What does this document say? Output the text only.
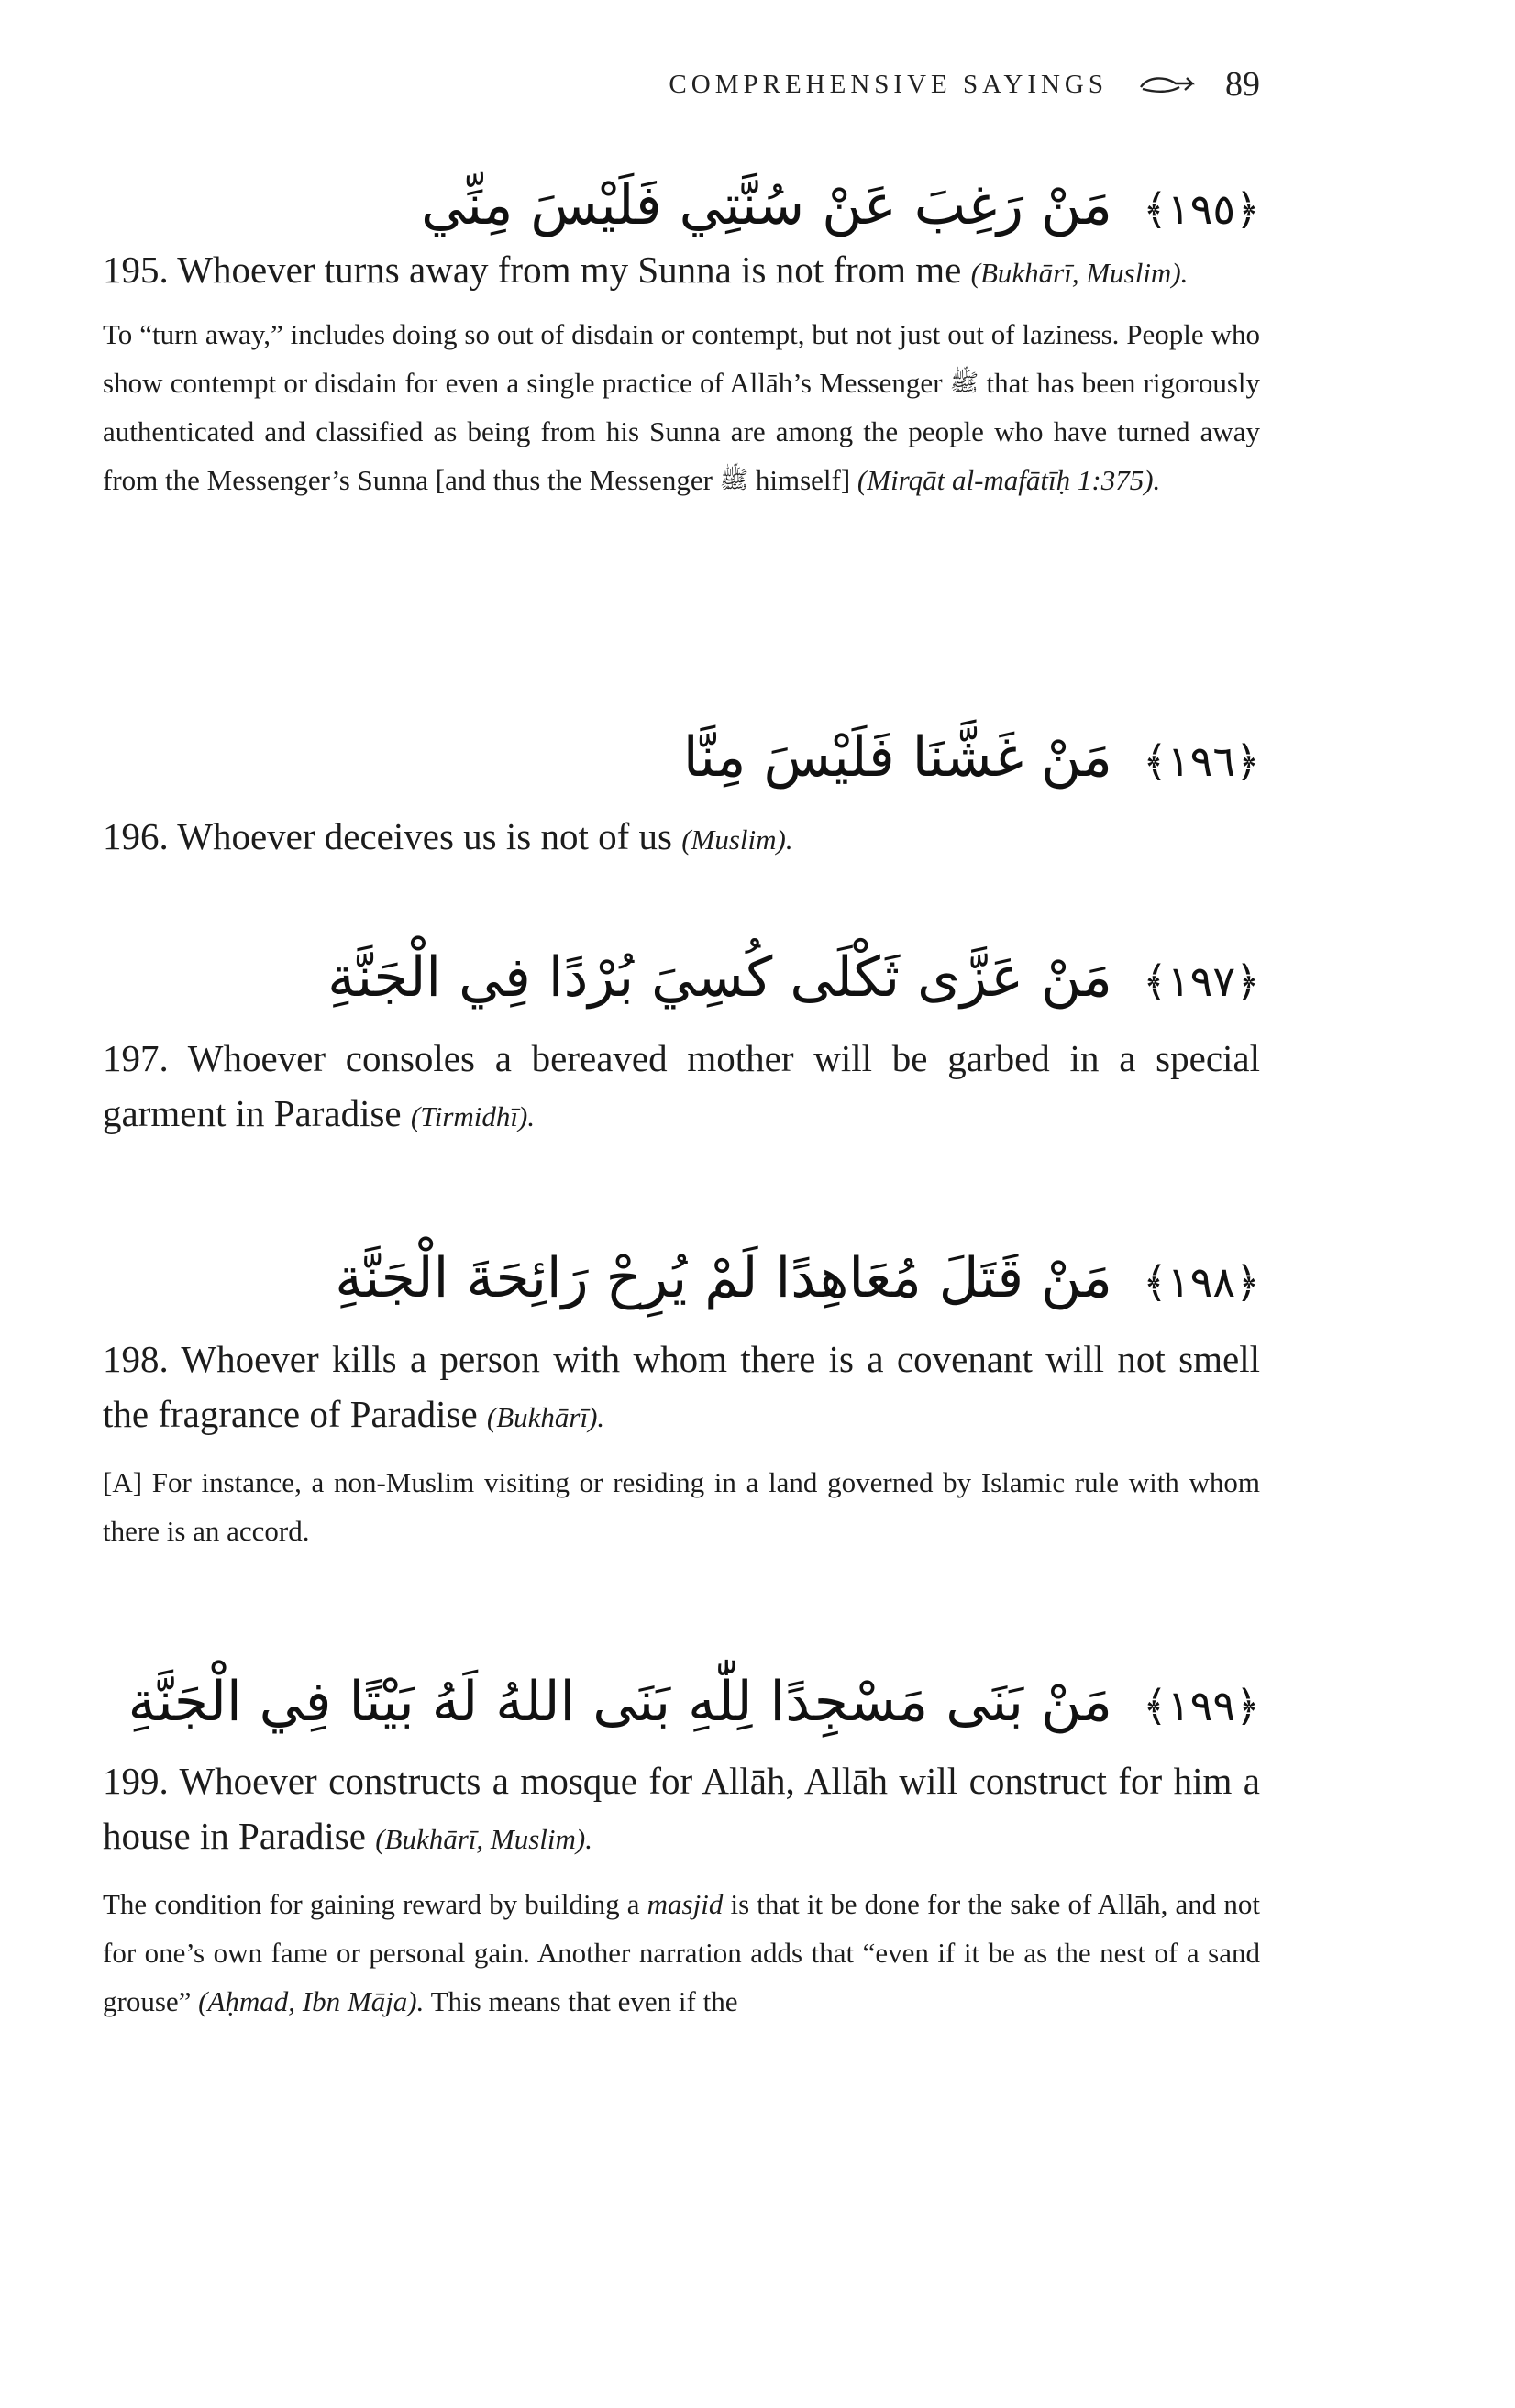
COMPREHENSIVE SAYINGS	89
﴿١٩٥﴾ مَنْ رَغِبَ عَنْ سُنَّتِي فَلَيْسَ مِنِّي
195. Whoever turns away from my Sunna is not from me (Bukhārī, Muslim).
To “turn away,” includes doing so out of disdain or contempt, but not just out of laziness. People who show contempt or disdain for even a single practice of Allāh’s Messenger ﷺ that has been rigorously authenticated and classified as being from his Sunna are among the people who have turned away from the Messenger’s Sunna [and thus the Messenger ﷺ himself] (Mirqāt al-mafātīḥ 1:375).
﴿١٩٦﴾ مَنْ غَشَّنَا فَلَيْسَ مِنَّا
196. Whoever deceives us is not of us (Muslim).
﴿١٩٧﴾ مَنْ عَزَّى ثَكْلَى كُسِيَ بُرْدًا فِي الْجَنَّةِ
197. Whoever consoles a bereaved mother will be garbed in a special garment in Paradise (Tirmidhī).
﴿١٩٨﴾ مَنْ قَتَلَ مُعَاهِدًا لَمْ يُرِحْ رَائِحَةَ الْجَنَّةِ
198. Whoever kills a person with whom there is a covenant will not smell the fragrance of Paradise (Bukhārī).
[A] For instance, a non-Muslim visiting or residing in a land governed by Islamic rule with whom there is an accord.
﴿١٩٩﴾ مَنْ بَنَى مَسْجِدًا لِلّٰهِ بَنَى اللهُ لَهُ بَيْتًا فِي الْجَنَّةِ
199. Whoever constructs a mosque for Allāh, Allāh will construct for him a house in Paradise (Bukhārī, Muslim).
The condition for gaining reward by building a masjid is that it be done for the sake of Allāh, and not for one’s own fame or personal gain. Another narration adds that “even if it be as the nest of a sand grouse” (Aḥmad, Ibn Māja). This means that even if the
